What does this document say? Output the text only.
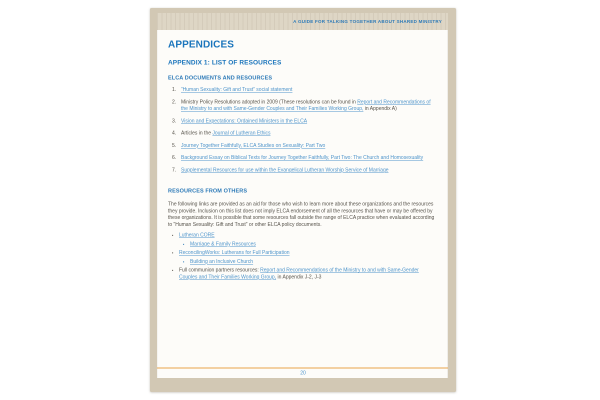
A GUIDE FOR TALKING TOGETHER ABOUT SHARED MINISTRY
APPENDICES
APPENDIX 1: LIST OF RESOURCES
ELCA DOCUMENTS AND RESOURCES
1. “Human Sexuality: Gift and Trust” social statement
2. Ministry Policy Resolutions adopted in 2009 (These resolutions can be found in Report and Recommendations of the Ministry to and with Same-Gender Couples and Their Families Working Group, in Appendix A)
3. Vision and Expectations: Ordained Ministers in the ELCA
4. Articles in the Journal of Lutheran Ethics
5. Journey Together Faithfully, ELCA Studies on Sexuality: Part Two
6. Background Essay on Biblical Texts for Journey Together Faithfully, Part Two: The Church and Homosexuality
7. Supplemental Resources for use within the Evangelical Lutheran Worship Service of Marriage
RESOURCES FROM OTHERS

The following links are provided as an aid for those who wish to learn more about these organizations and the resources they provide. Inclusion on this list does not imply ELCA endorsement of all the resources that have or may be offered by these organizations. It is possible that some resources fall outside the range of ELCA practice when evaluated according to “Human Sexuality: Gift and Trust” or other ELCA policy documents.

▪ Lutheran CORE
▪ Marriage & Family Resources
▪ ReconcilingWorks: Lutherans for Full Participation
▪ Building an Inclusive Church
▪ Full communion partners resources: Report and Recommendations of the Ministry to and with Same-Gender Couples and Their Families Working Group, in Appendix J-2, J-3
20
